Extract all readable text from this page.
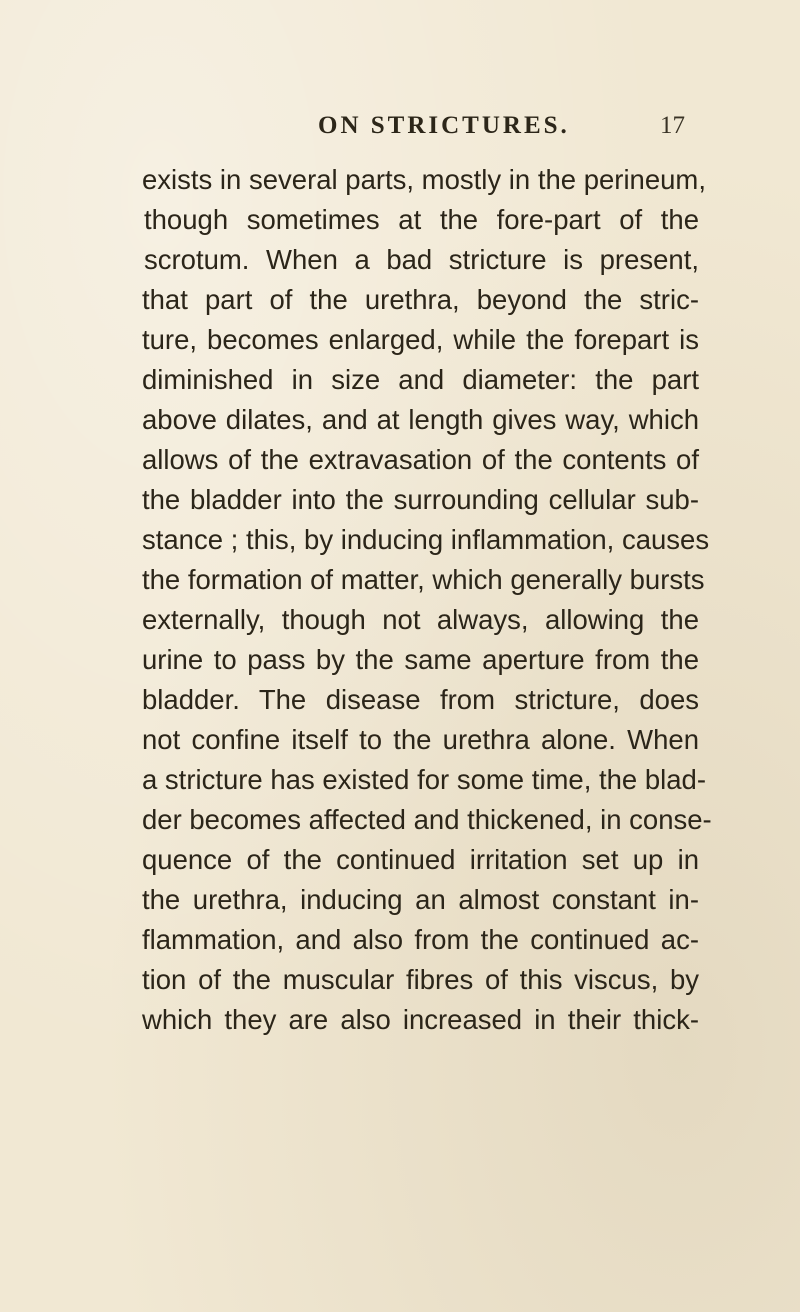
ON STRICTURES.	17
exists in several parts, mostly in the perineum,
though sometimes at the fore-part of the
scrotum. When a bad stricture is present,
that part of the urethra, beyond the stric-
ture, becomes enlarged, while the forepart is
diminished in size and diameter: the part
above dilates, and at length gives way, which
allows of the extravasation of the contents of
the bladder into the surrounding cellular sub-
stance ; this, by inducing inflammation, causes
the formation of matter, which generally bursts
externally, though not always, allowing the
urine to pass by the same aperture from the
bladder. The disease from stricture, does
not confine itself to the urethra alone. When
a stricture has existed for some time, the blad-
der becomes affected and thickened, in conse-
quence of the continued irritation set up in
the urethra, inducing an almost constant in-
flammation, and also from the continued ac-
tion of the muscular fibres of this viscus, by
which they are also increased in their thick-
